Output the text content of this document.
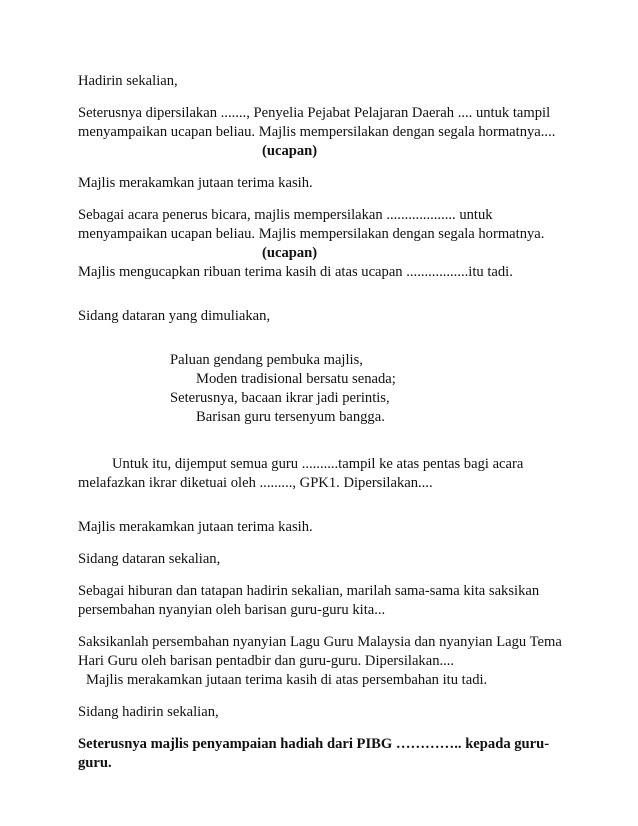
Hadirin sekalian,
Seterusnya dipersilakan ......., Penyelia Pejabat Pelajaran Daerah .... untuk tampil
menyampaikan ucapan beliau. Majlis mempersilakan dengan segala hormatnya....
(ucapan)
Majlis merakamkan jutaan terima kasih.
Sebagai acara penerus bicara, majlis mempersilakan ................... untuk
menyampaikan ucapan beliau. Majlis mempersilakan dengan segala hormatnya.
(ucapan)
Majlis mengucapkan ribuan terima kasih di atas ucapan .................itu tadi.
Sidang dataran yang dimuliakan,
Paluan gendang pembuka majlis,
Moden tradisional bersatu senada;
Seterusnya, bacaan ikrar jadi perintis,
Barisan guru tersenyum bangga.
Untuk itu, dijemput semua guru ..........tampil ke atas pentas bagi acara
melafazkan ikrar diketuai oleh ........., GPK1. Dipersilakan....
Majlis merakamkan jutaan terima kasih.
Sidang dataran sekalian,
Sebagai hiburan dan tatapan hadirin sekalian, marilah sama-sama kita saksikan
persembahan nyanyian oleh barisan guru-guru kita...
Saksikanlah persembahan nyanyian Lagu Guru Malaysia dan nyanyian Lagu Tema
Hari Guru oleh barisan pentadbir dan guru-guru. Dipersilakan....
Majlis merakamkan jutaan terima kasih di atas persembahan itu tadi.
Sidang hadirin sekalian,
Seterusnya majlis penyampaian hadiah dari PIBG ………….. kepada guru-
guru.
